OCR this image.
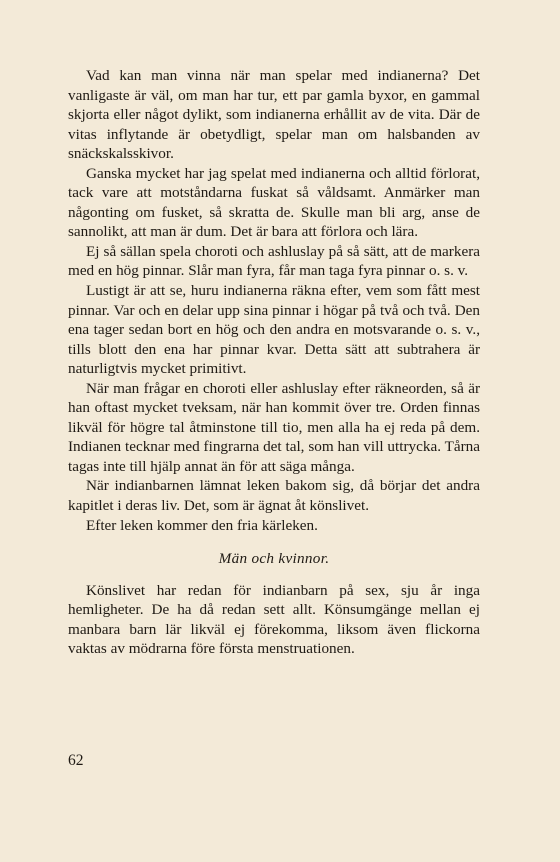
Vad kan man vinna när man spelar med indianerna? Det vanligaste är väl, om man har tur, ett par gamla byxor, en gammal skjorta eller något dylikt, som indianerna erhållit av de vita. Där de vitas inflytande är obetydligt, spelar man om halsbanden av snäckskalsskivor.

Ganska mycket har jag spelat med indianerna och alltid förlorat, tack vare att motståndarna fuskat så våldsamt. Anmärker man någonting om fusket, så skratta de. Skulle man bli arg, anse de sannolikt, att man är dum. Det är bara att förlora och lära.

Ej så sällan spela choroti och ashluslay på så sätt, att de markera med en hög pinnar. Slår man fyra, får man taga fyra pinnar o. s. v.

Lustigt är att se, huru indianerna räkna efter, vem som fått mest pinnar. Var och en delar upp sina pinnar i högar på två och två. Den ena tager sedan bort en hög och den andra en motsvarande o. s. v., tills blott den ena har pinnar kvar. Detta sätt att subtrahera är naturligtvis mycket primitivt.

När man frågar en choroti eller ashluslay efter räkneorden, så är han oftast mycket tveksam, när han kommit över tre. Orden finnas likväl för högre tal åtminstone till tio, men alla ha ej reda på dem. Indianen tecknar med fingrarna det tal, som han vill uttrycka. Tårna tagas inte till hjälp annat än för att säga många.

När indianbarnen lämnat leken bakom sig, då börjar det andra kapitlet i deras liv. Det, som är ägnat åt könslivet.

Efter leken kommer den fria kärleken.

Män och kvinnor.

Könslivet har redan för indianbarn på sex, sju år inga hemligheter. De ha då redan sett allt. Könsumgänge mellan ej manbara barn lär likväl ej förekomma, liksom även flickorna vaktas av mödrarna före första menstruationen.

62
